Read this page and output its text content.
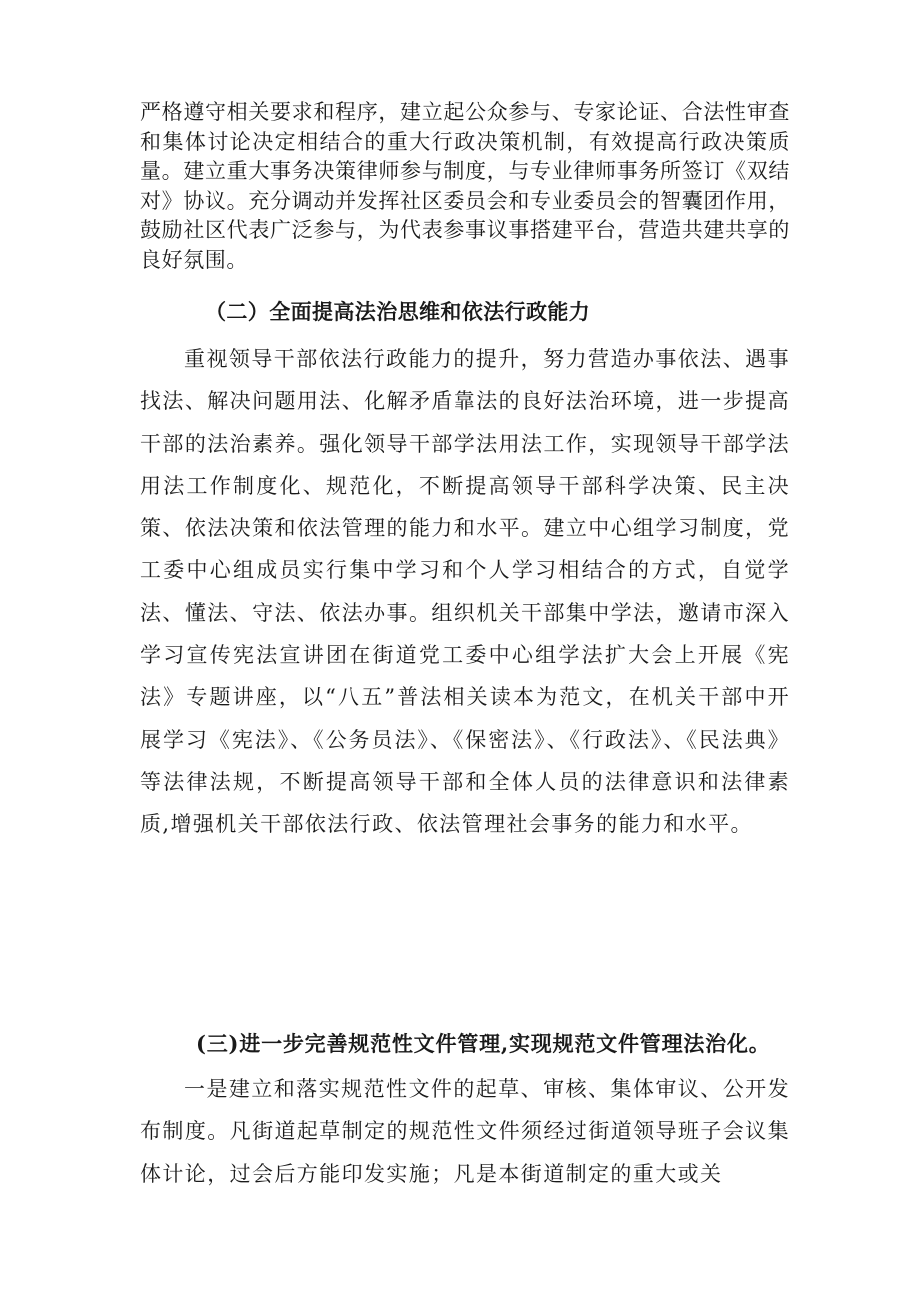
严格遵守相关要求和程序，建立起公众参与、专家论证、合法性审查和集体讨论决定相结合的重大行政决策机制，有效提高行政决策质量。建立重大事务决策律师参与制度，与专业律师事务所签订《双结对》协议。充分调动并发挥社区委员会和专业委员会的智囊团作用，鼓励社区代表广泛参与，为代表参事议事搭建平台，营造共建共享的良好氛围。

（二）全面提高法治思维和依法行政能力

重视领导干部依法行政能力的提升，努力营造办事依法、遇事找法、解决问题用法、化解矛盾靠法的良好法治环境，进一步提高干部的法治素养。强化领导干部学法用法工作，实现领导干部学法用法工作制度化、规范化，不断提高领导干部科学决策、民主决策、依法决策和依法管理的能力和水平。建立中心组学习制度，党工委中心组成员实行集中学习和个人学习相结合的方式，自觉学法、懂法、守法、依法办事。组织机关干部集中学法，邀请市深入学习宣传宪法宣讲团在街道党工委中心组学法扩大会上开展《宪法》专题讲座，以“八五”普法相关读本为范文，在机关干部中开展学习《宪法》、《公务员法》、《保密法》、《行政法》、《民法典》等法律法规，不断提高领导干部和全体人员的法律意识和法律素质,增强机关干部依法行政、依法管理社会事务的能力和水平。

(三)进一步完善规范性文件管理,实现规范文件管理法治化。

一是建立和落实规范性文件的起草、审核、集体审议、公开发布制度。凡街道起草制定的规范性文件须经过街道领导班子会议集体计论，过会后方能印发实施；凡是本街道制定的重大或关
